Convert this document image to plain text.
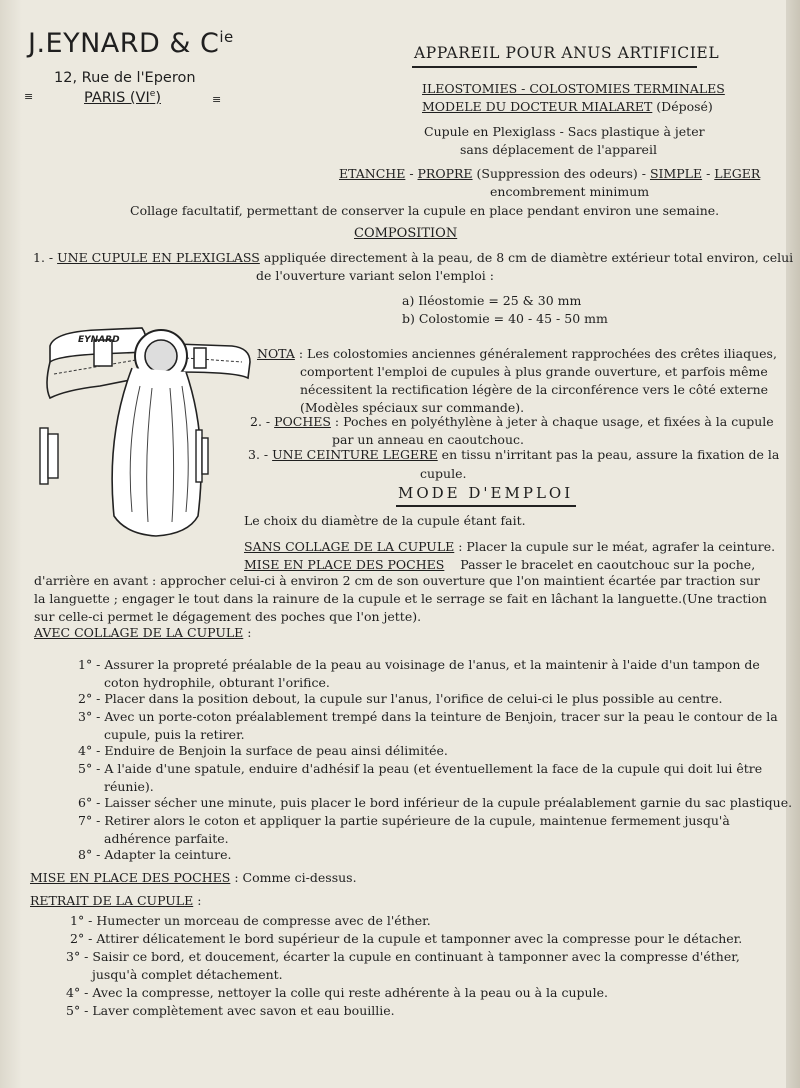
J.EYNARD & $C^{ie}$
12, Rue de l'Eperon
PARIS $(VI^e)$
≡	≡
APPAREIL POUR ANUS ARTIFICIEL
ILEOSTOMIES - COLOSTOMIES TERMINALES
MODELE DU DOCTEUR MIALARET (Déposé)
Cupule en Plexiglass - Sacs plastique à jeter
sans déplacement de l'appareil
ETANCHE - PROPRE (Suppression des odeurs) - SIMPLE - LEGER
encombrement minimum
Collage facultatif, permettant de conserver la cupule en place pendant environ une semaine.
COMPOSITION
1. - UNE CUPULE EN PLEXIGLASS appliquée directement à la peau, de 8 cm de diamètre extérieur total environ, celui
de l'ouverture variant selon l'emploi :
a) Iléostomie = 25 & 30 mm
b) Colostomie = 40 - 45 - 50 mm
EYNARD
NOTA : Les colostomies anciennes généralement rapprochées des crêtes iliaques,
comportent l'emploi de cupules à plus grande ouverture, et parfois même
nécessitent la rectification légère de la circonférence vers le côté externe
(Modèles spéciaux sur commande).
2. - POCHES : Poches en polyéthylène à jeter à chaque usage, et fixées à la cupule
par un anneau en caoutchouc.
3. - UNE CEINTURE LEGERE en tissu n'irritant pas la peau, assure la fixation de la
cupule.
MODE D'EMPLOI
Le choix du diamètre de la cupule étant fait.
SANS COLLAGE DE LA CUPULE : Placer la cupule sur le méat, agrafer la ceinture.
MISE EN PLACE DES POCHES Passer le bracelet en caoutchouc sur la poche,
d'arrière en avant : approcher celui-ci à environ 2 cm de son ouverture que l'on maintient écartée par traction sur
la languette ; engager le tout dans la rainure de la cupule et le serrage se fait en lâchant la languette.(Une traction
sur celle-ci permet le dégagement des poches que l'on jette).
AVEC COLLAGE DE LA CUPULE :
1° - Assurer la propreté préalable de la peau au voisinage de l'anus, et la maintenir à l'aide d'un tampon de
coton hydrophile, obturant l'orifice.
2° - Placer dans la position debout, la cupule sur l'anus, l'orifice de celui-ci le plus possible au centre.
3° - Avec un porte-coton préalablement trempé dans la teinture de Benjoin, tracer sur la peau le contour de la
cupule, puis la retirer.
4° - Enduire de Benjoin la surface de peau ainsi délimitée.
5° - A l'aide d'une spatule, enduire d'adhésif la peau (et éventuellement la face de la cupule qui doit lui être
réunie).
6° - Laisser sécher une minute, puis placer le bord inférieur de la cupule préalablement garnie du sac plastique.
7° - Retirer alors le coton et appliquer la partie supérieure de la cupule, maintenue fermement jusqu'à
adhérence parfaite.
8° - Adapter la ceinture.
MISE EN PLACE DES POCHES : Comme ci-dessus.
RETRAIT DE LA CUPULE :
1° - Humecter un morceau de compresse avec de l'éther.
2° - Attirer délicatement le bord supérieur de la cupule et tamponner avec la compresse pour le détacher.
3° - Saisir ce bord, et doucement, écarter la cupule en continuant à tamponner avec la compresse d'éther,
jusqu'à complet détachement.
4° - Avec la compresse, nettoyer la colle qui reste adhérente à la peau ou à la cupule.
5° - Laver complètement avec savon et eau bouillie.
